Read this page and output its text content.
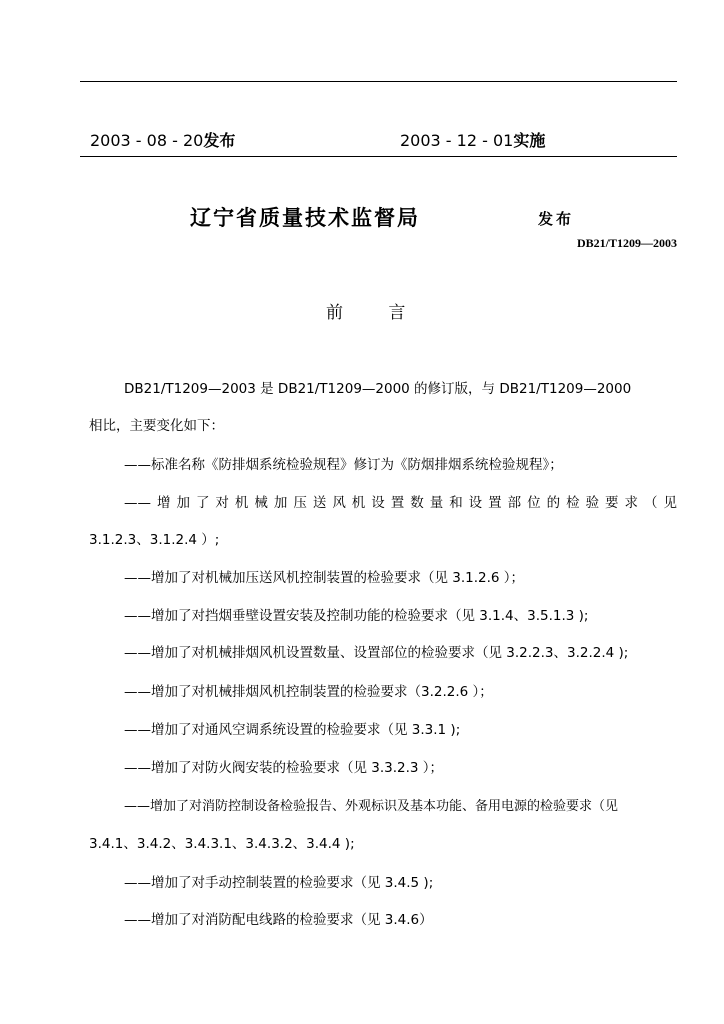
2003 - 08 - 20发布	2003 - 12 - 01实施
辽宁省质量技术监督局	发布
DB21/T1209—2003
前 言
DB21/T1209—2003 是 DB21/T1209—2000 的修订版，与 DB21/T1209—2000
相比，主要变化如下：
——标准名称《防排烟系统检验规程》修订为《防烟排烟系统检验规程》；
——增加了对机械加压送风机设置数量和设置部位的检验要求（见
3.1.2.3、3.1.2.4 ）;
——增加了对机械加压送风机控制装置的检验要求（见 3.1.2.6 ）；
——增加了对挡烟垂壁设置安装及控制功能的检验要求（见 3.1.4、3.5.1.3 );
——增加了对机械排烟风机设置数量、设置部位的检验要求（见 3.2.2.3、3.2.2.4 );
——增加了对机械排烟风机控制装置的检验要求（3.2.2.6 ）；
——增加了对通风空调系统设置的检验要求（见 3.3.1 );
——增加了对防火阀安装的检验要求（见 3.3.2.3 ）；
——增加了对消防控制设备检验报告、外观标识及基本功能、备用电源的检验要求（见
3.4.1、3.4.2、3.4.3.1、3.4.3.2、3.4.4 );
——增加了对手动控制装置的检验要求（见 3.4.5 );
——增加了对消防配电线路的检验要求（见 3.4.6）
